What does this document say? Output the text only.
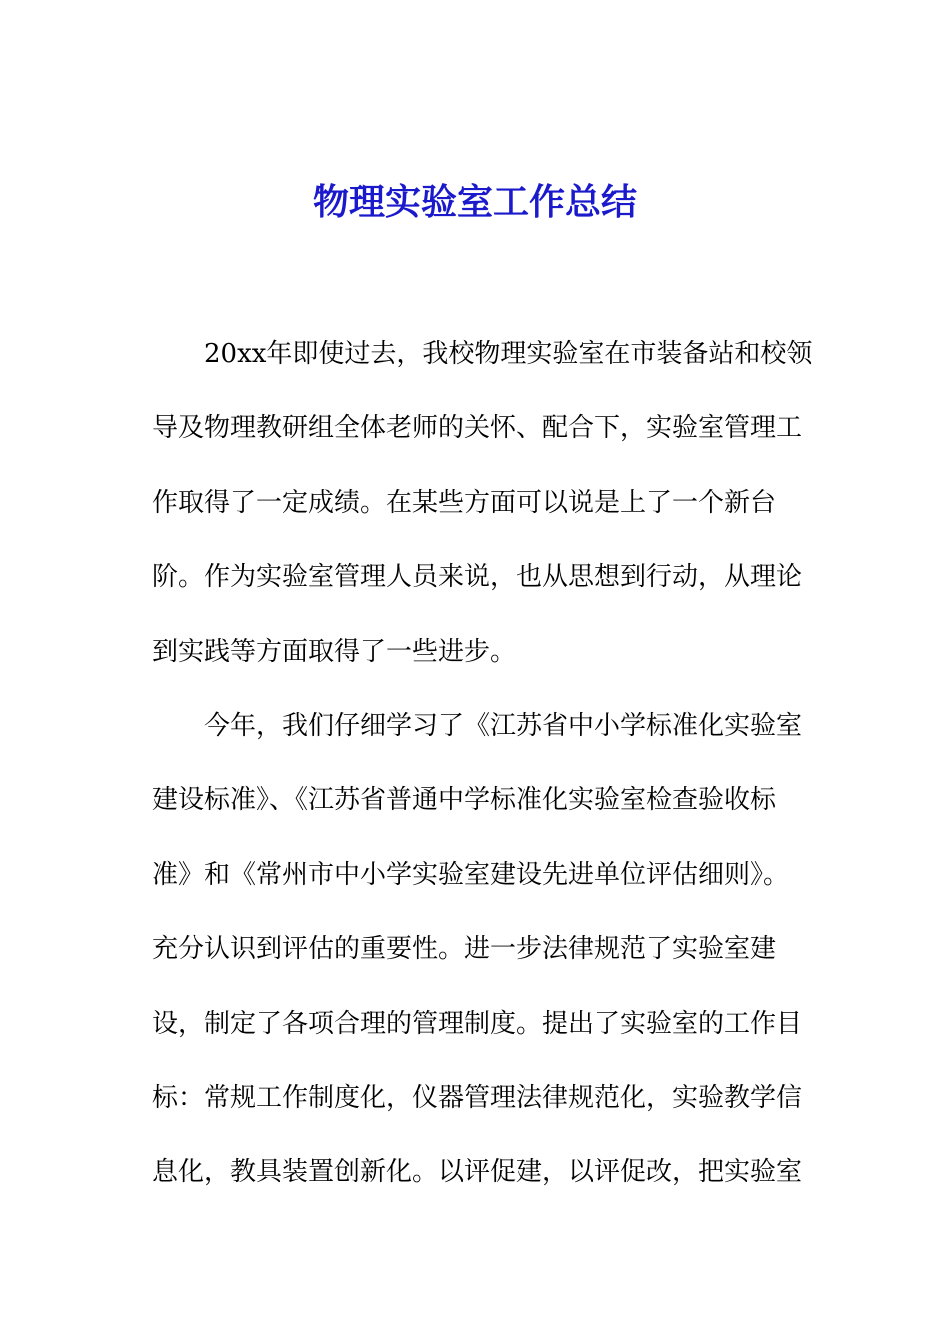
物理实验室工作总结
20xx年即使过去，我校物理实验室在市装备站和校领
导及物理教研组全体老师的关怀、配合下，实验室管理工
作取得了一定成绩。在某些方面可以说是上了一个新台
阶。作为实验室管理人员来说，也从思想到行动，从理论
到实践等方面取得了一些进步。
今年，我们仔细学习了《江苏省中小学标准化实验室
建设标准》、《江苏省普通中学标准化实验室检查验收标
准》和《常州市中小学实验室建设先进单位评估细则》。
充分认识到评估的重要性。进一步法律规范了实验室建
设，制定了各项合理的管理制度。提出了实验室的工作目
标：常规工作制度化，仪器管理法律规范化，实验教学信
息化，教具装置创新化。以评促建，以评促改，把实验室
